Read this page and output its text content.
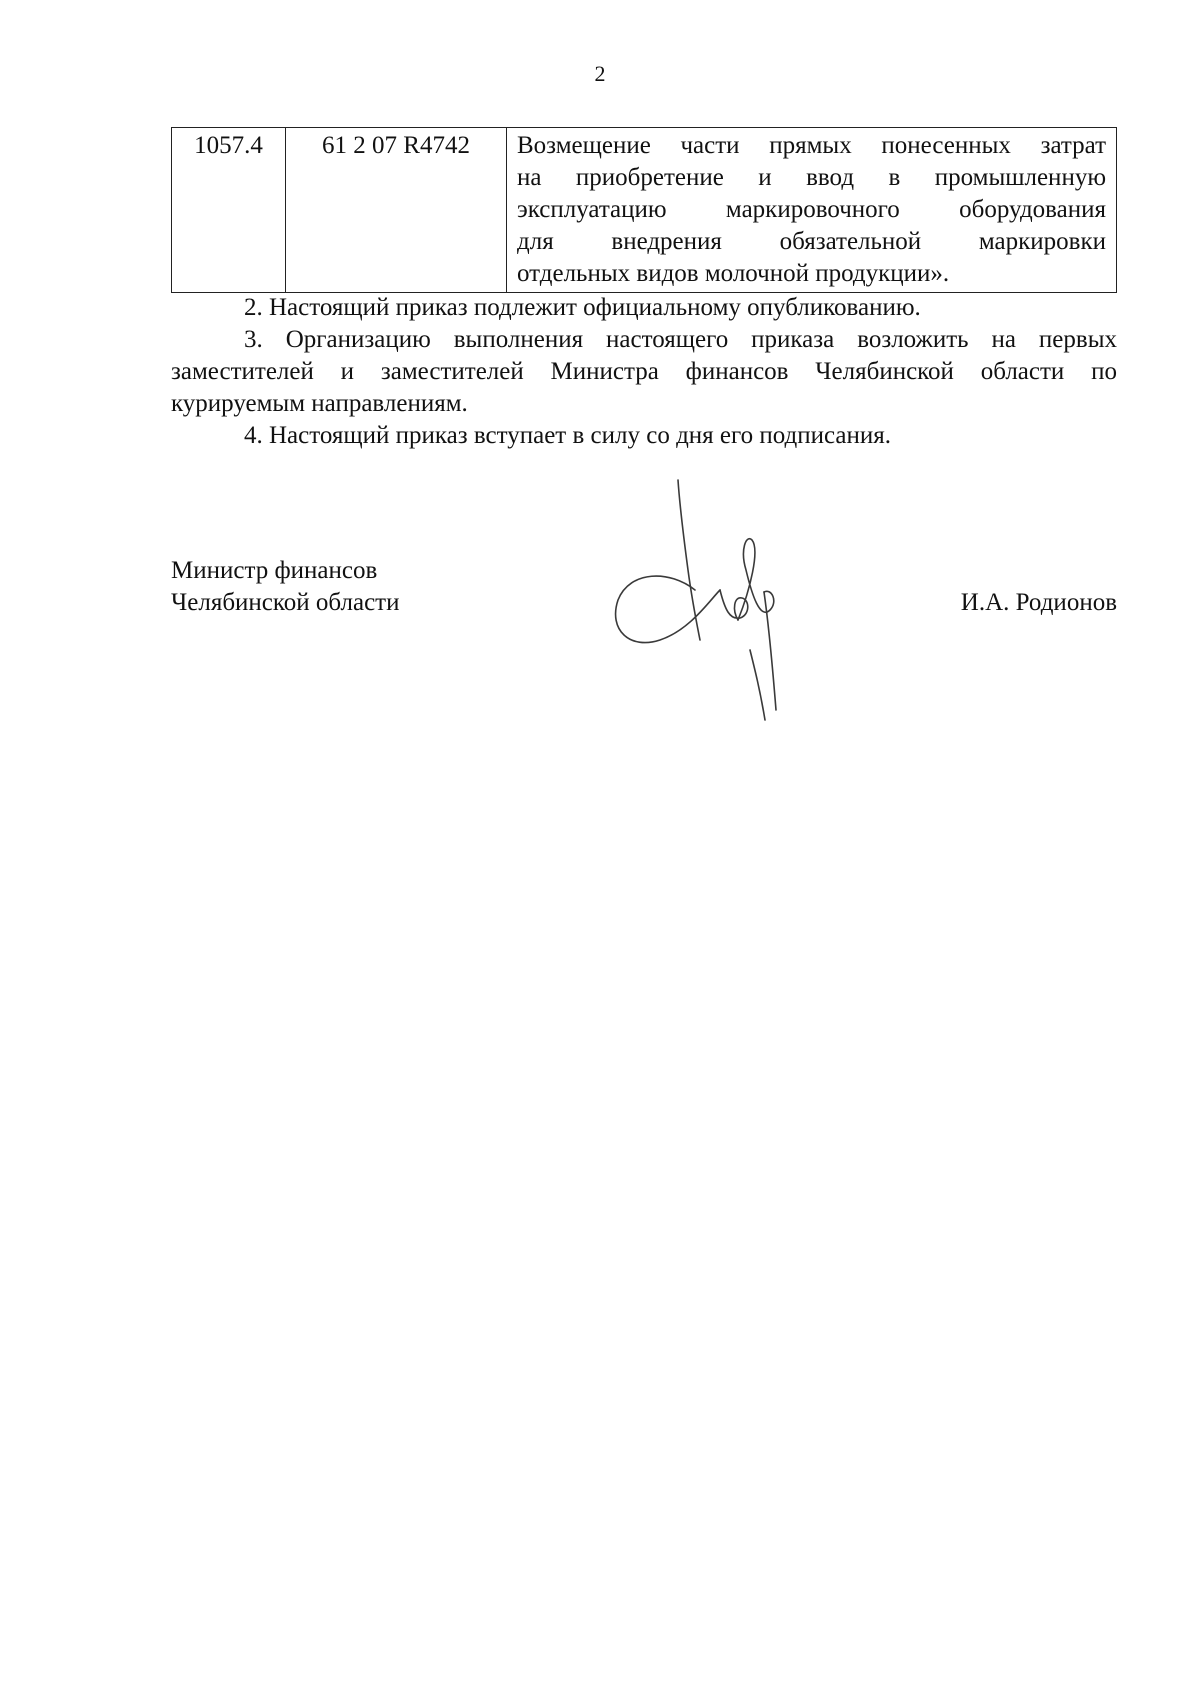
2
1057.4	61 2 07 R4742	Возмещение части прямых понесенных затрат
на приобретение и ввод в промышленную
эксплуатацию маркировочного оборудования
для внедрения обязательной маркировки
отдельных видов молочной продукции».
2. Настоящий приказ подлежит официальному опубликованию.
3. Организацию выполнения настоящего приказа возложить на первых
заместителей и заместителей Министра финансов Челябинской области по
курируемым направлениям.
4. Настоящий приказ вступает в силу со дня его подписания.
Министр финансов
Челябинской области	И.А. Родионов
